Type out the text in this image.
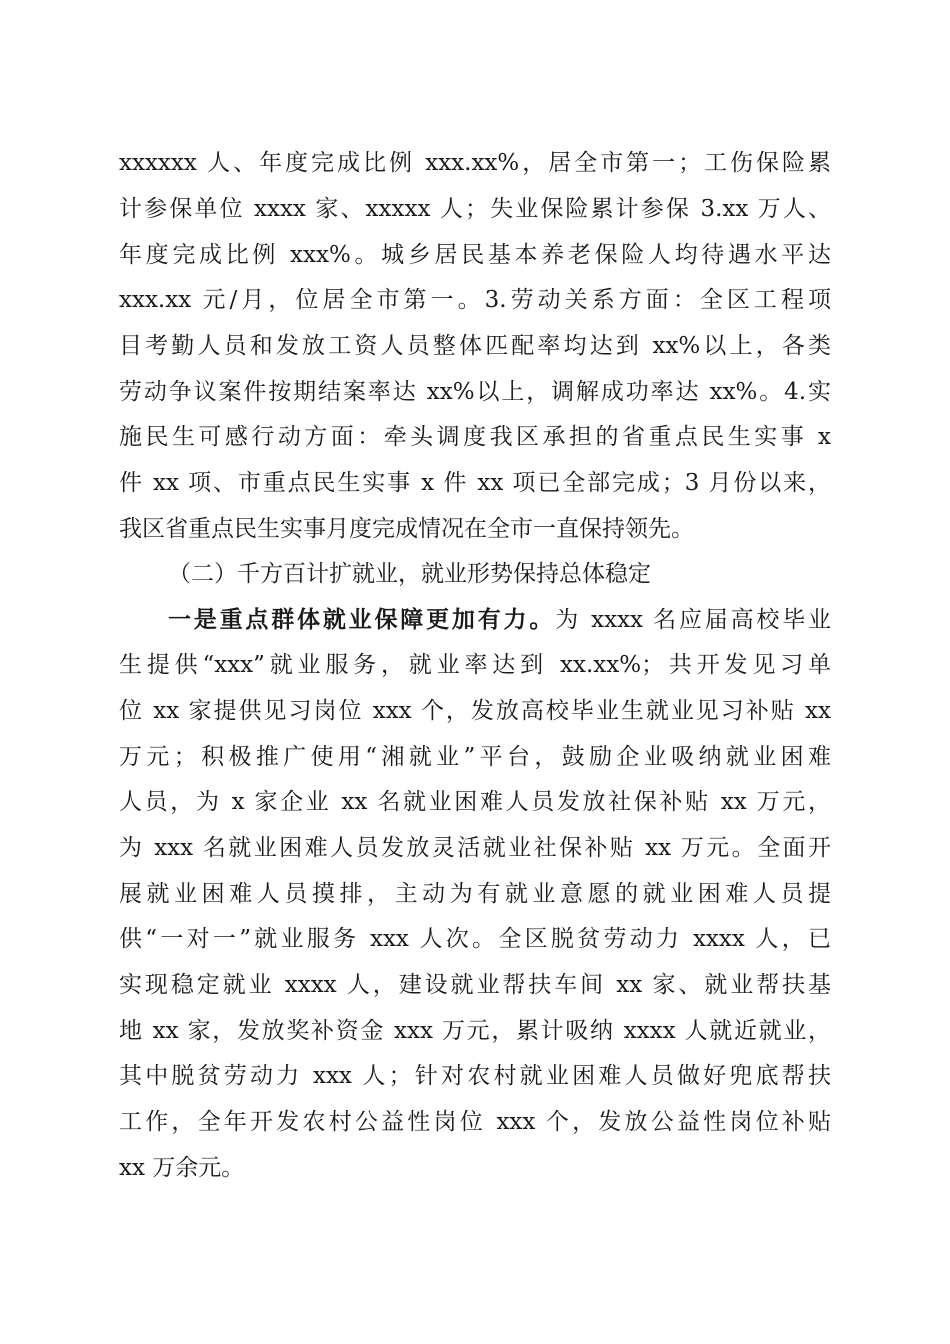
xxxxxx 人、年度完成比例 xxx.xx%，居全市第一；工伤保险累
计参保单位 xxxx 家、xxxxx 人；失业保险累计参保 3.xx 万人、
年度完成比例 xxx%。城乡居民基本养老保险人均待遇水平达
xxx.xx 元/月，位居全市第一。3.劳动关系方面：全区工程项
目考勤人员和发放工资人员整体匹配率均达到 xx%以上，各类
劳动争议案件按期结案率达 xx%以上，调解成功率达 xx%。4.实
施民生可感行动方面：牵头调度我区承担的省重点民生实事 x
件 xx 项、市重点民生实事 x 件 xx 项已全部完成；3 月份以来，
我区省重点民生实事月度完成情况在全市一直保持领先。
（二）千方百计扩就业，就业形势保持总体稳定
一是重点群体就业保障更加有力。为 xxxx 名应届高校毕业
生提供“xxx”就业服务，就业率达到 xx.xx%；共开发见习单
位 xx 家提供见习岗位 xxx 个，发放高校毕业生就业见习补贴 xx
万元；积极推广使用“湘就业”平台，鼓励企业吸纳就业困难
人员，为 x 家企业 xx 名就业困难人员发放社保补贴 xx 万元，
为 xxx 名就业困难人员发放灵活就业社保补贴 xx 万元。全面开
展就业困难人员摸排，主动为有就业意愿的就业困难人员提
供“一对一”就业服务 xxx 人次。全区脱贫劳动力 xxxx 人，已
实现稳定就业 xxxx 人，建设就业帮扶车间 xx 家、就业帮扶基
地 xx 家，发放奖补资金 xxx 万元，累计吸纳 xxxx 人就近就业，
其中脱贫劳动力 xxx 人；针对农村就业困难人员做好兜底帮扶
工作，全年开发农村公益性岗位 xxx 个，发放公益性岗位补贴
xx 万余元。
